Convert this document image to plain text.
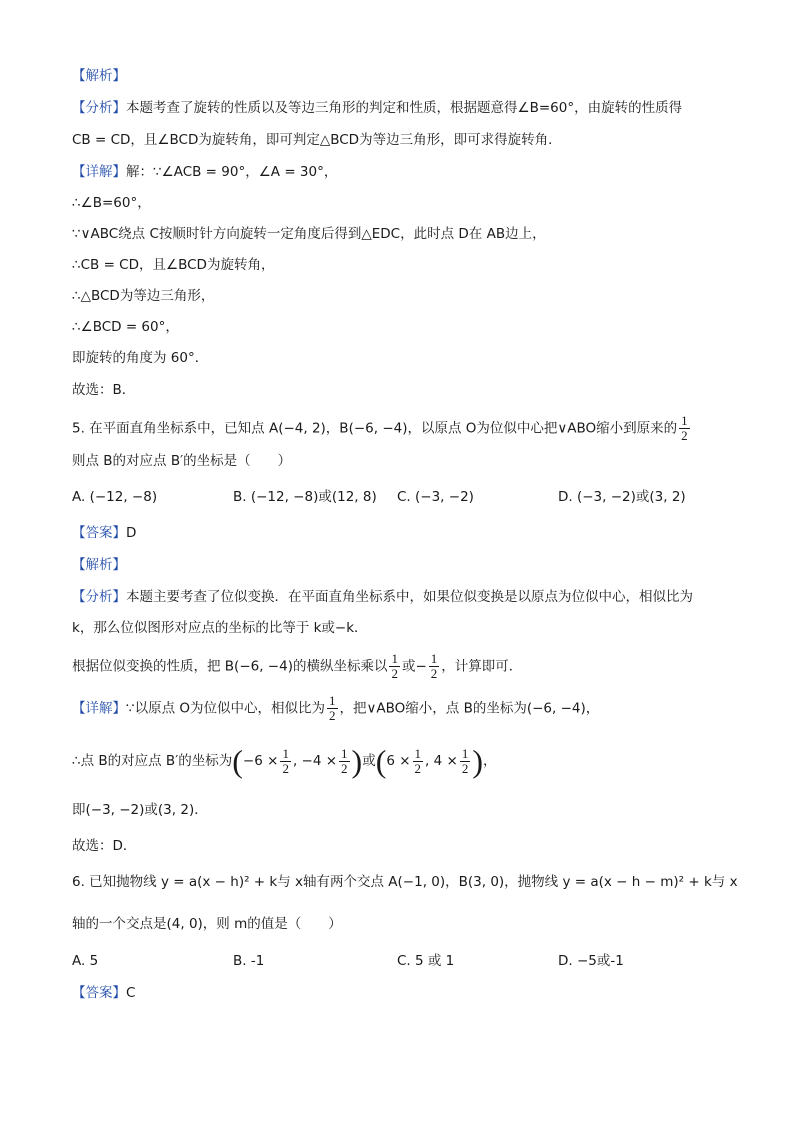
【解析】
【分析】本题考查了旋转的性质以及等边三角形的判定和性质，根据题意得∠B=60°，由旋转的性质得
CB = CD，且∠BCD为旋转角，即可判定△BCD为等边三角形，即可求得旋转角．
【详解】解：∵∠ACB = 90°，∠A = 30°，
∴∠B=60°，
∵∨ABC绕点 C按顺时针方向旋转一定角度后得到△EDC，此时点 D在 AB边上，
∴CB = CD，且∠BCD为旋转角，
∴△BCD为等边三角形，
∴∠BCD = 60°，
即旋转的角度为 60°．
故选：B．
5. 在平面直角坐标系中，已知点 A(−4, 2)，B(−6, −4)，以原点 O为位似中心把∨ABO缩小到原来的 $\frac{1}{2}$
则点 B的对应点 B′的坐标是（　　）
A. (−12, −8)	B. (−12, −8)或(12, 8) C. (−3, −2)	D. (−3, −2)或(3, 2)
【答案】D
【解析】
【分析】本题主要考查了位似变换．在平面直角坐标系中，如果位似变换是以原点为位似中心，相似比为
k，那么位似图形对应点的坐标的比等于 k或−k．
根据位似变换的性质，把 B(−6, −4)的横纵坐标乘以 $\frac{1}{2}$ 或− $\frac{1}{2}$ ，计算即可．
【详解】∵以原点 O为位似中心，相似比为 $\frac{1}{2}$ ，把∨ABO缩小，点 B的坐标为(−6, −4)，
∴点 B的对应点 B′的坐标为($-6 \times \frac{1}{2}$ , $-4 \times \frac{1}{2}$ )或($6 \times \frac{1}{2}$ , $4 \times \frac{1}{2}$ )，
即(−3, −2)或(3, 2)．
故选：D．
6. 已知抛物线 y = a(x − h)² + k与 x轴有两个交点 A(−1, 0)，B(3, 0)，抛物线 y = a(x − h − m)² + k与 x
轴的一个交点是(4, 0)，则 m的值是（　　）
A. 5	B. -1	C. 5 或 1	D. −5或-1
【答案】C
